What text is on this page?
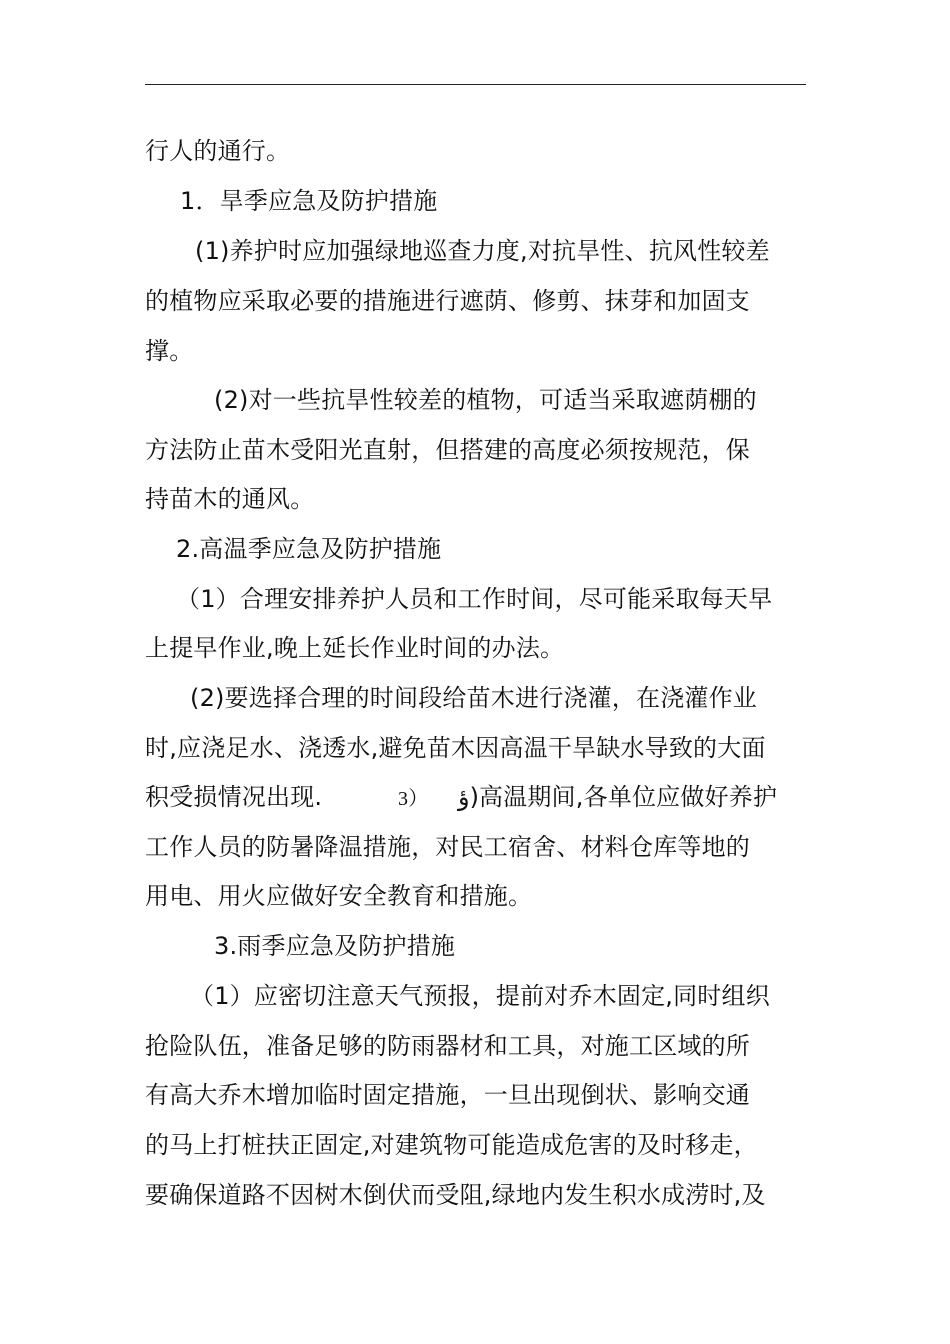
行人的通行。
1．旱季应急及防护措施
(1)养护时应加强绿地巡查力度,对抗旱性、抗风性较差
的植物应采取必要的措施进行遮荫、修剪、抹芽和加固支
撑。
(2)对一些抗旱性较差的植物，可适当采取遮荫棚的
方法防止苗木受阳光直射，但搭建的高度必须按规范，保
持苗木的通风。
2.高温季应急及防护措施
（1）合理安排养护人员和工作时间，尽可能采取每天早
上提早作业,晚上延长作业时间的办法。
(2)要选择合理的时间段给苗木进行浇灌，在浇灌作业
时,应浇足水、浇透水,避免苗木因高温干旱缺水导致的大面
积受损情况出现.	3）	ؤ)高温期间,各单位应做好养护
工作人员的防暑降温措施，对民工宿舍、材料仓库等地的
用电、用火应做好安全教育和措施。
3.雨季应急及防护措施
（1）应密切注意天气预报，提前对乔木固定,同时组织
抢险队伍，准备足够的防雨器材和工具，对施工区域的所
有高大乔木增加临时固定措施，一旦出现倒状、影响交通
的马上打桩扶正固定,对建筑物可能造成危害的及时移走，
要确保道路不因树木倒伏而受阻,绿地内发生积水成涝时,及
